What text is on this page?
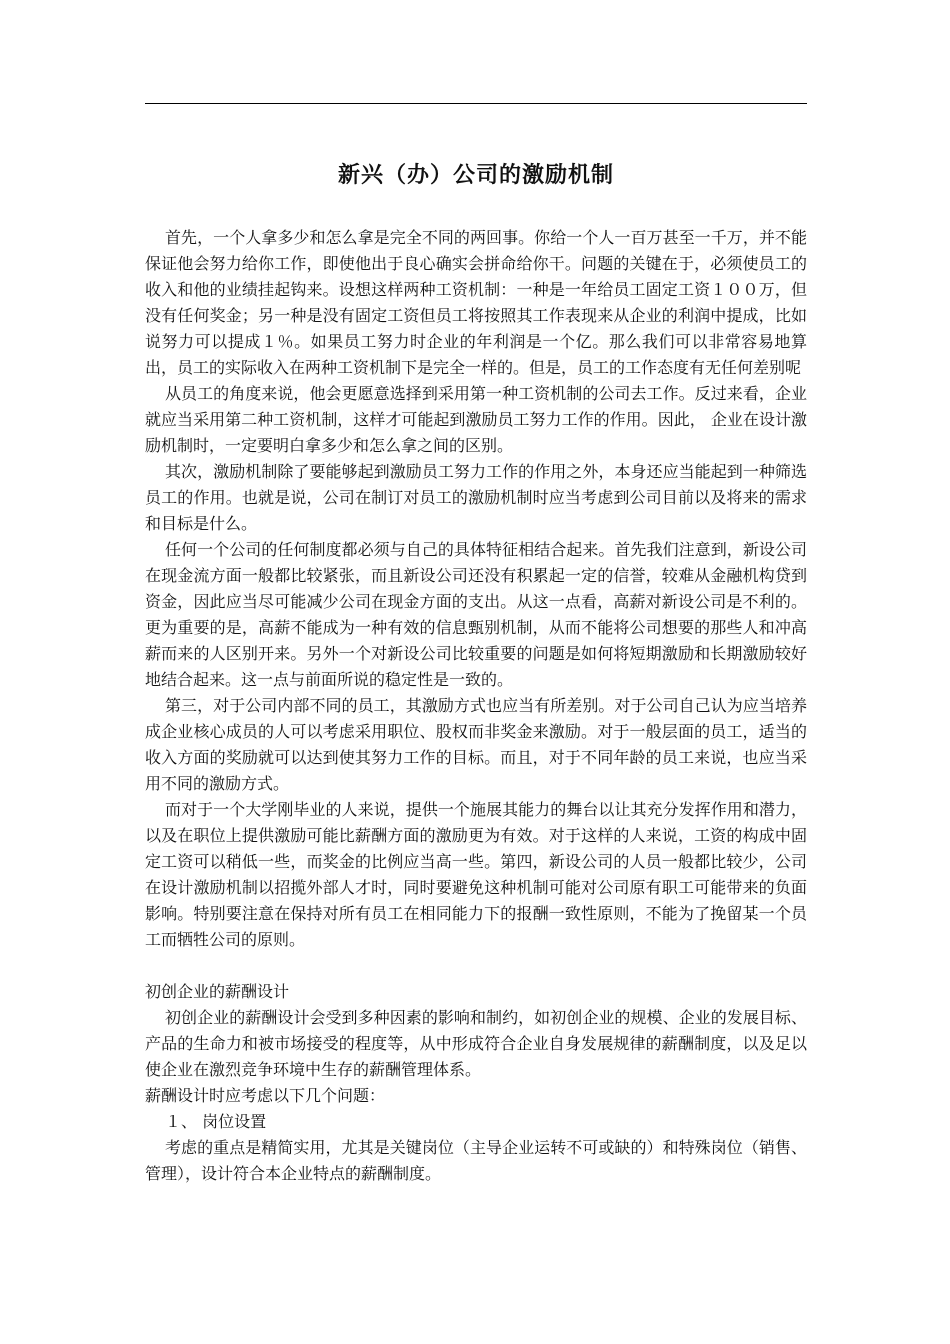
新兴（办）公司的激励机制

首先，一个人拿多少和怎么拿是完全不同的两回事。你给一个人一百万甚至一千万，并不能保证他会努力给你工作，即使他出于良心确实会拼命给你干。问题的关键在于，必须使员工的收入和他的业绩挂起钩来。设想这样两种工资机制：一种是一年给员工固定工资１００万，但没有任何奖金；另一种是没有固定工资但员工将按照其工作表现来从企业的利润中提成，比如说努力可以提成１％。如果员工努力时企业的年利润是一个亿。那么我们可以非常容易地算出，员工的实际收入在两种工资机制下是完全一样的。但是，员工的工作态度有无任何差别呢

从员工的角度来说，他会更愿意选择到采用第一种工资机制的公司去工作。反过来看，企业就应当采用第二种工资机制，这样才可能起到激励员工努力工作的作用。因此， 企业在设计激励机制时，一定要明白拿多少和怎么拿之间的区别。

其次，激励机制除了要能够起到激励员工努力工作的作用之外，本身还应当能起到一种筛选员工的作用。也就是说，公司在制订对员工的激励机制时应当考虑到公司目前以及将来的需求和目标是什么。

任何一个公司的任何制度都必须与自己的具体特征相结合起来。首先我们注意到，新设公司在现金流方面一般都比较紧张，而且新设公司还没有积累起一定的信誉，较难从金融机构贷到资金，因此应当尽可能减少公司在现金方面的支出。从这一点看，高薪对新设公司是不利的。更为重要的是，高薪不能成为一种有效的信息甄别机制，从而不能将公司想要的那些人和冲高薪而来的人区别开来。另外一个对新设公司比较重要的问题是如何将短期激励和长期激励较好地结合起来。这一点与前面所说的稳定性是一致的。

第三，对于公司内部不同的员工，其激励方式也应当有所差别。对于公司自己认为应当培养成企业核心成员的人可以考虑采用职位、股权而非奖金来激励。对于一般层面的员工，适当的收入方面的奖励就可以达到使其努力工作的目标。而且，对于不同年龄的员工来说，也应当采用不同的激励方式。

而对于一个大学刚毕业的人来说，提供一个施展其能力的舞台以让其充分发挥作用和潜力，以及在职位上提供激励可能比薪酬方面的激励更为有效。对于这样的人来说，工资的构成中固定工资可以稍低一些，而奖金的比例应当高一些。第四，新设公司的人员一般都比较少，公司在设计激励机制以招揽外部人才时，同时要避免这种机制可能对公司原有职工可能带来的负面影响。特别要注意在保持对所有员工在相同能力下的报酬一致性原则，不能为了挽留某一个员工而牺牲公司的原则。

初创企业的薪酬设计

初创企业的薪酬设计会受到多种因素的影响和制约，如初创企业的规模、企业的发展目标、产品的生命力和被市场接受的程度等，从中形成符合企业自身发展规律的薪酬制度，以及足以使企业在激烈竞争环境中生存的薪酬管理体系。

薪酬设计时应考虑以下几个问题：

１、 岗位设置

考虑的重点是精简实用，尤其是关键岗位（主导企业运转不可或缺的）和特殊岗位（销售、管理），设计符合本企业特点的薪酬制度。
